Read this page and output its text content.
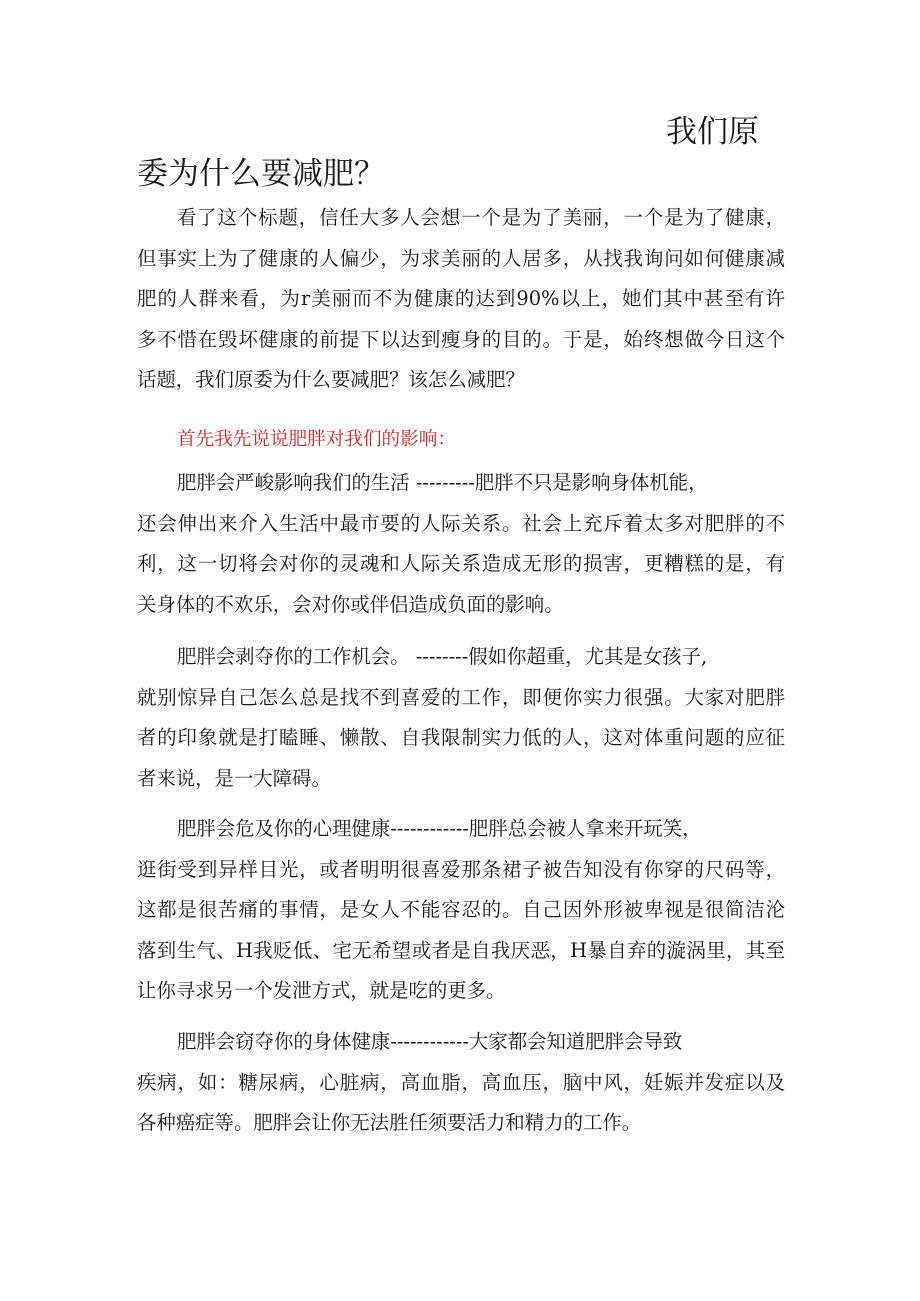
我们原
委为什么要减肥？
看了这个标题，信任大多人会想一个是为了美丽，一个是为了健康，
但事实上为了健康的人偏少，为求美丽的人居多，从找我询问如何健康减
肥的人群来看，为r美丽而不为健康的达到90%以上，她们其中甚至有许
多不惜在毁坏健康的前提下以达到瘦身的目的。于是，始终想做今日这个
话题，我们原委为什么要减肥？该怎么减肥？
首先我先说说肥胖对我们的影响：
肥胖会严峻影响我们的生活 ---------肥胖不只是影响身体机能，
还会伸出来介入生活中最市要的人际关系。社会上充斥着太多对肥胖的不
利，这一切将会对你的灵魂和人际关系造成无形的损害，更糟糕的是，有
关身体的不欢乐，会对你或伴侣造成负面的影响。
肥胖会剥夺你的工作机会。 --------假如你超重，尤其是女孩子,
就别惊异自己怎么总是找不到喜爱的工作，即便你实力很强。大家对肥胖
者的印象就是打瞌睡、懒散、自我限制实力低的人，这对体重问题的应征
者来说，是一大障碍。
肥胖会危及你的心理健康------------肥胖总会被人拿来开玩笑，
逛街受到异样目光，或者明明很喜爱那条裙子被告知没有你穿的尺码等，
这都是很苦痛的事情，是女人不能容忍的。自己因外形被卑视是很简洁沦
落到生气、H我贬低、宅无希望或者是自我厌恶，H暴自弃的漩涡里，其至
让你寻求另一个发泄方式，就是吃的更多。
肥胖会窃夺你的身体健康------------大家都会知道肥胖会导致
疾病，如：糖尿病，心脏病，高血脂，高血压，脑中风，妊娠并发症以及
各种癌症等。肥胖会让你无法胜任须要活力和精力的工作。
